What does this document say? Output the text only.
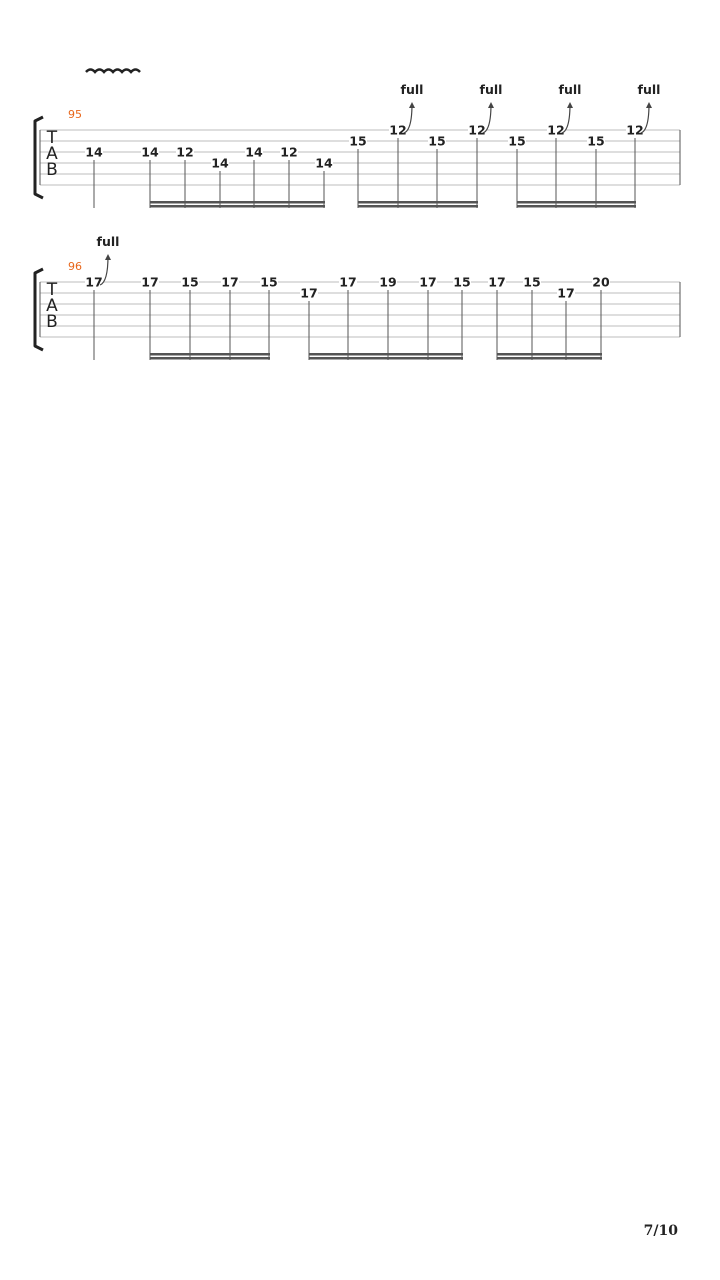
T
A
B
95
14	14 12
14
14 12
14
15
12
15
12
15
12
15
12
full	full	full	full
T
A
B
96
17	17 15 17 15
17
17 19 17 15 17 15
17
20
full
7/10
